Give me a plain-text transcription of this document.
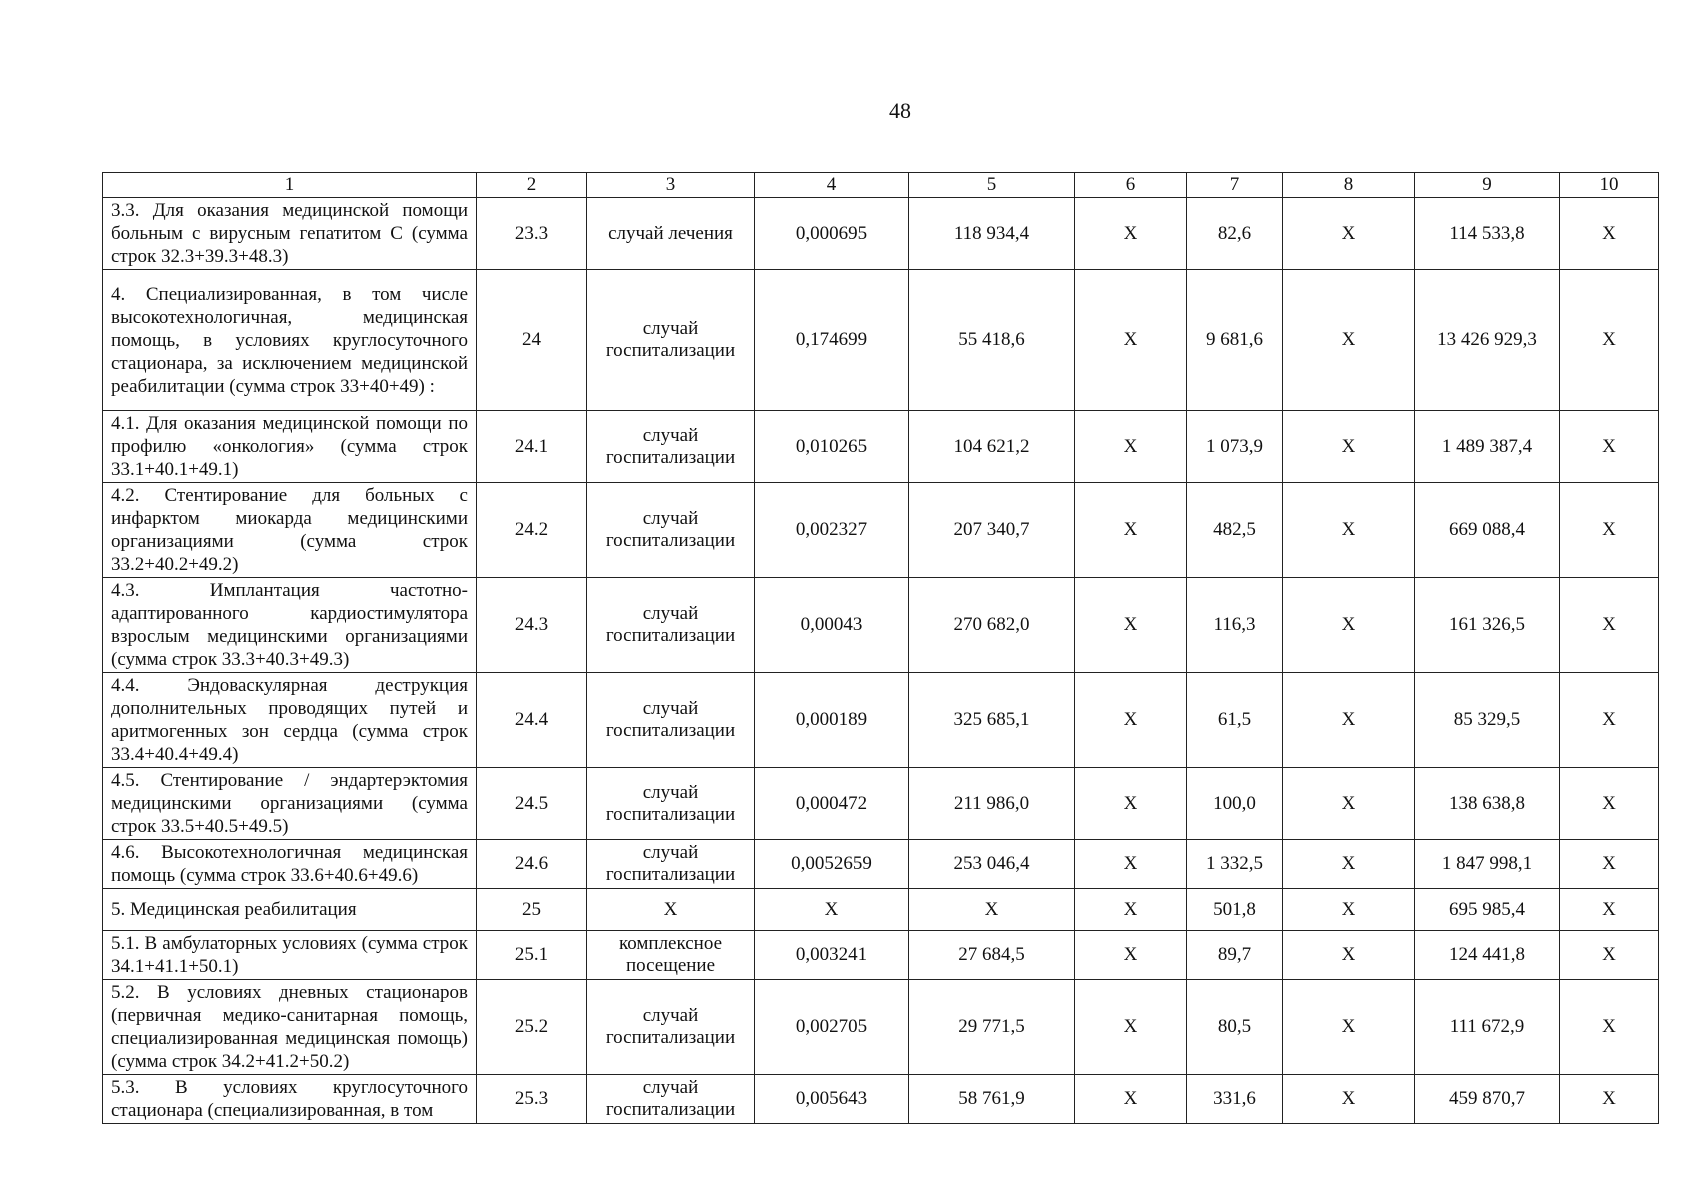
48
1	2	3	4	5	6	7	8	9	10
3.3. Для оказания медицинской помощи больным с вирусным гепатитом С (сумма строк 32.3+39.3+48.3)	23.3	случай лечения	0,000695	118 934,4	X	82,6	X	114 533,8	X
4. Специализированная, в том числе высокотехнологичная, медицинская помощь, в условиях круглосуточного стационара, за исключением медицинской реабилитации (сумма строк 33+40+49) :	24	случай госпитализации	0,174699	55 418,6	X	9 681,6	X	13 426 929,3	X
4.1. Для оказания медицинской помощи по профилю «онкология» (сумма строк 33.1+40.1+49.1)	24.1	случай госпитализации	0,010265	104 621,2	X	1 073,9	X	1 489 387,4	X
4.2. Стентирование для больных с инфарктом миокарда медицинскими организациями (сумма строк 33.2+40.2+49.2)	24.2	случай госпитализации	0,002327	207 340,7	X	482,5	X	669 088,4	X
4.3. Имплантация частотно-адаптированного кардиостимулятора взрослым медицинскими организациями (сумма строк 33.3+40.3+49.3)	24.3	случай госпитализации	0,00043	270 682,0	X	116,3	X	161 326,5	X
4.4. Эндоваскулярная деструкция дополнительных проводящих путей и аритмогенных зон сердца (сумма строк 33.4+40.4+49.4)	24.4	случай госпитализации	0,000189	325 685,1	X	61,5	X	85 329,5	X
4.5. Стентирование / эндартерэктомия медицинскими организациями (сумма строк 33.5+40.5+49.5)	24.5	случай госпитализации	0,000472	211 986,0	X	100,0	X	138 638,8	X
4.6. Высокотехнологичная медицинская помощь (сумма строк 33.6+40.6+49.6)	24.6	случай госпитализации	0,0052659	253 046,4	X	1 332,5	X	1 847 998,1	X
5. Медицинская реабилитация	25	X	X	X	X	501,8	X	695 985,4	X
5.1. В амбулаторных условиях (сумма строк 34.1+41.1+50.1)	25.1	комплексное посещение	0,003241	27 684,5	X	89,7	X	124 441,8	X
5.2. В условиях дневных стационаров (первичная медико-санитарная помощь, специализированная медицинская помощь) (сумма строк 34.2+41.2+50.2)	25.2	случай госпитализации	0,002705	29 771,5	X	80,5	X	111 672,9	X
5.3. В условиях круглосуточного стационара (специализированная, в том	25.3	случай госпитализации	0,005643	58 761,9	X	331,6	X	459 870,7	X
